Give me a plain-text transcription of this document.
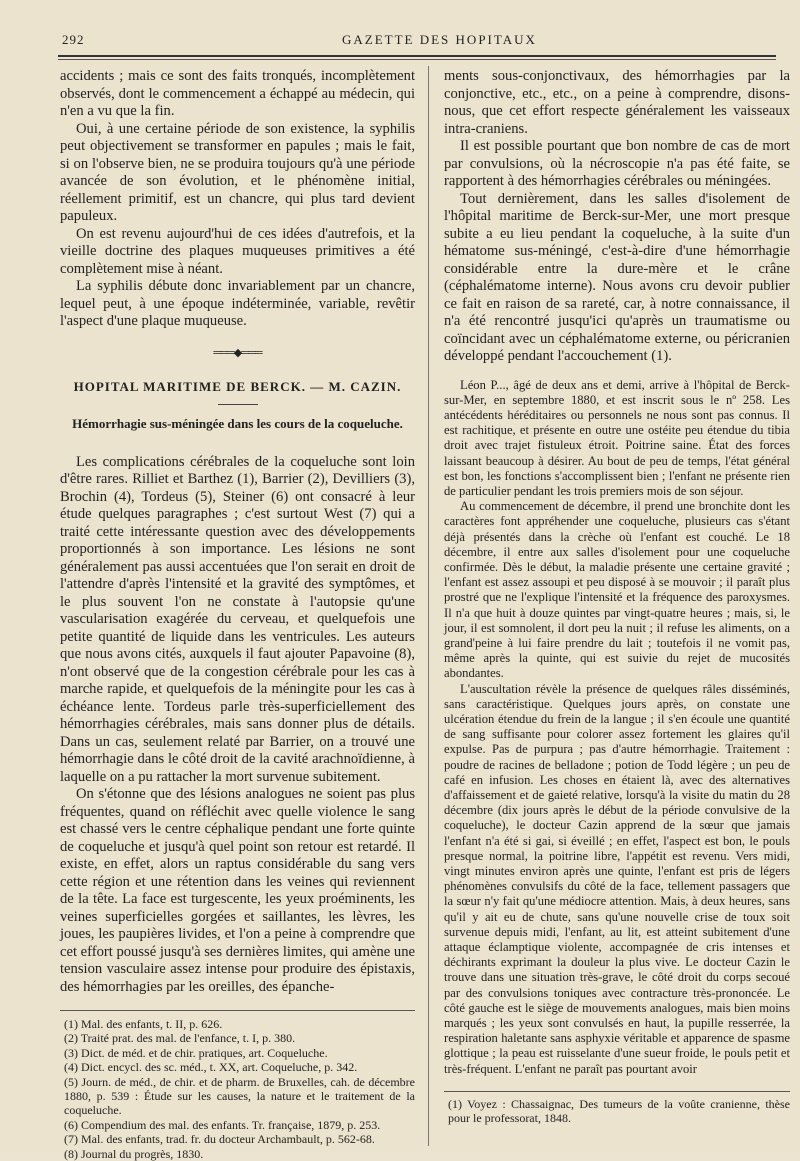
292	GAZETTE DES HOPITAUX

accidents ; mais ce sont des faits tronqués, incomplètement observés, dont le commencement a échappé au médecin, qui n'en a vu que la fin.

Oui, à une certaine période de son existence, la syphilis peut objectivement se transformer en papules ; mais le fait, si on l'observe bien, ne se produira toujours qu'à une période avancée de son évolution, et le phénomène initial, réellement primitif, est un chancre, qui plus tard devient papuleux.

On est revenu aujourd'hui de ces idées d'autrefois, et la vieille doctrine des plaques muqueuses primitives a été complètement mise à néant.

La syphilis débute donc invariablement par un chancre, lequel peut, à une époque indéterminée, variable, revêtir l'aspect d'une plaque muqueuse.

═══◆═══
HOPITAL MARITIME DE BERCK. — M. CAZIN.
Hémorrhagie sus-méningée dans les cours de la coqueluche.

Les complications cérébrales de la coqueluche sont loin d'être rares. Rilliet et Barthez (1), Barrier (2), Devilliers (3), Brochin (4), Tordeus (5), Steiner (6) ont consacré à leur étude quelques paragraphes ; c'est surtout West (7) qui a traité cette intéressante question avec des développements proportionnés à son importance. Les lésions ne sont généralement pas aussi accentuées que l'on serait en droit de l'attendre d'après l'intensité et la gravité des symptômes, et le plus souvent l'on ne constate à l'autopsie qu'une vascularisation exagérée du cerveau, et quelquefois une petite quantité de liquide dans les ventricules. Les auteurs que nous avons cités, auxquels il faut ajouter Papavoine (8), n'ont observé que de la congestion cérébrale pour les cas à marche rapide, et quelquefois de la méningite pour les cas à échéance lente. Tordeus parle très-superficiellement des hémorrhagies cérébrales, mais sans donner plus de détails. Dans un cas, seulement relaté par Barrier, on a trouvé une hémorrhagie dans le côté droit de la cavité arachnoïdienne, à laquelle on a pu rattacher la mort survenue subitement.

On s'étonne que des lésions analogues ne soient pas plus fréquentes, quand on réfléchit avec quelle violence le sang est chassé vers le centre céphalique pendant une forte quinte de coqueluche et jusqu'à quel point son retour est retardé. Il existe, en effet, alors un raptus considérable du sang vers cette région et une rétention dans les veines qui reviennent de la tête. La face est turgescente, les yeux proéminents, les veines superficielles gorgées et saillantes, les lèvres, les joues, les paupières livides, et l'on a peine à comprendre que cet effort poussé jusqu'à ses dernières limites, qui amène une tension vasculaire assez intense pour produire des épistaxis, des hémorrhagies par les oreilles, des épanche-

(1) Mal. des enfants, t. II, p. 626.
(2) Traité prat. des mal. de l'enfance, t. I, p. 380.
(3) Dict. de méd. et de chir. pratiques, art. Coqueluche.
(4) Dict. encycl. des sc. méd., t. XX, art. Coqueluche, p. 342.
(5) Journ. de méd., de chir. et de pharm. de Bruxelles, cah. de décembre 1880, p. 539 : Étude sur les causes, la nature et le traitement de la coqueluche.
(6) Compendium des mal. des enfants. Tr. française, 1879, p. 253.
(7) Mal. des enfants, trad. fr. du docteur Archambault, p. 562-68.
(8) Journal du progrès, 1830.

ments sous-conjonctivaux, des hémorrhagies par la conjonctive, etc., etc., on a peine à comprendre, disons-nous, que cet effort respecte généralement les vaisseaux intra-craniens.

Il est possible pourtant que bon nombre de cas de mort par convulsions, où la nécroscopie n'a pas été faite, se rapportent à des hémorrhagies cérébrales ou méningées.

Tout dernièrement, dans les salles d'isolement de l'hôpital maritime de Berck-sur-Mer, une mort presque subite a eu lieu pendant la coqueluche, à la suite d'un hématome sus-méningé, c'est-à-dire d'une hémorrhagie considérable entre la dure-mère et le crâne (céphalématome interne). Nous avons cru devoir publier ce fait en raison de sa rareté, car, à notre connaissance, il n'a été rencontré jusqu'ici qu'après un traumatisme ou coïncidant avec un céphalématome externe, ou péricranien développé pendant l'accouchement (1).

Léon P..., âgé de deux ans et demi, arrive à l'hôpital de Berck-sur-Mer, en septembre 1880, et est inscrit sous le nº 258. Les antécédents héréditaires ou personnels ne nous sont pas connus. Il est rachitique, et présente en outre une ostéite peu étendue du tibia droit avec trajet fistuleux étroit. Poitrine saine. État des forces laissant beaucoup à désirer. Au bout de peu de temps, l'état général est bon, les fonctions s'accomplissent bien ; l'enfant ne présente rien de particulier pendant les trois premiers mois de son séjour.

Au commencement de décembre, il prend une bronchite dont les caractères font appréhender une coqueluche, plusieurs cas s'étant déjà présentés dans la crèche où l'enfant est couché. Le 18 décembre, il entre aux salles d'isolement pour une coqueluche confirmée. Dès le début, la maladie présente une certaine gravité ; l'enfant est assez assoupi et peu disposé à se mouvoir ; il paraît plus prostré que ne l'explique l'intensité et la fréquence des paroxysmes. Il n'a que huit à douze quintes par vingt-quatre heures ; mais, si, le jour, il est somnolent, il dort peu la nuit ; il refuse les aliments, on a grand'peine à lui faire prendre du lait ; toutefois il ne vomit pas, même après la quinte, qui est suivie du rejet de mucosités abondantes.

L'auscultation révèle la présence de quelques râles disséminés, sans caractéristique. Quelques jours après, on constate une ulcération étendue du frein de la langue ; il s'en écoule une quantité de sang suffisante pour colorer assez fortement les glaires qu'il expulse. Pas de purpura ; pas d'autre hémorrhagie. Traitement : poudre de racines de belladone ; potion de Todd légère ; un peu de café en infusion. Les choses en étaient là, avec des alternatives d'affaissement et de gaieté relative, lorsqu'à la visite du matin du 28 décembre (dix jours après le début de la période convulsive de la coqueluche), le docteur Cazin apprend de la sœur que jamais l'enfant n'a été si gai, si éveillé ; en effet, l'aspect est bon, le pouls presque normal, la poitrine libre, l'appétit est revenu. Vers midi, vingt minutes environ après une quinte, l'enfant est pris de légers phénomènes convulsifs du côté de la face, tellement passagers que la sœur n'y fait qu'une médiocre attention. Mais, à deux heures, sans qu'il y ait eu de chute, sans qu'une nouvelle crise de toux soit survenue depuis midi, l'enfant, au lit, est atteint subitement d'une attaque éclamptique violente, accompagnée de cris intenses et déchirants exprimant la douleur la plus vive. Le docteur Cazin le trouve dans une situation très-grave, le côté droit du corps secoué par des convulsions toniques avec contracture très-prononcée. Le côté gauche est le siège de mouvements analogues, mais bien moins marqués ; les yeux sont convulsés en haut, la pupille resserrée, la respiration haletante sans asphyxie véritable et apparence de spasme glottique ; la peau est ruisselante d'une sueur froide, le pouls petit et très-fréquent. L'enfant ne paraît pas pourtant avoir

(1) Voyez : Chassaignac, Des tumeurs de la voûte cranienne, thèse pour le professorat, 1848.
